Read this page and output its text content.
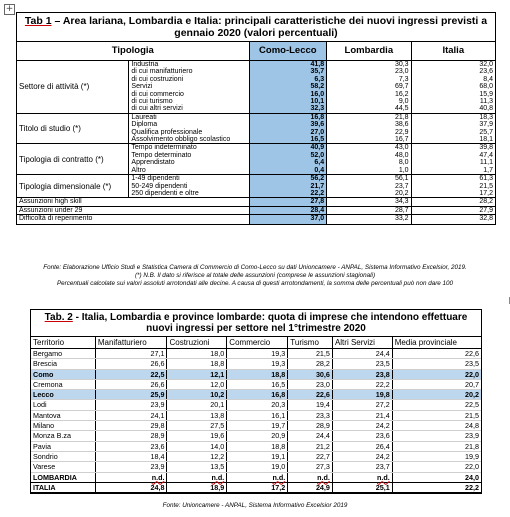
+
Tab 1 – Area lariana, Lombardia e Italia: principali caratteristiche dei nuovi ingressi previsti a gennaio 2020 (valori percentuali)
Tipologia		Como-Lecco	Lombardia	Italia
Settore di attività (*)	Industria	41,8	30,3	32,0
	di cui manifatturiero	35,7	23,0	23,6
	di cui costruzioni	6,3	7,3	8,4
	Servizi	58,2	69,7	68,0
	di cui commercio	16,0	16,2	15,9
	di cui turismo	10,1	9,0	11,3
	di cui altri servizi	32,3	44,5	40,8
Titolo di studio (*)	Laureati	16,8	21,8	18,3
	Diploma	39,6	38,6	37,9
	Qualifica professionale	27,0	22,9	25,7
	Assolvimento obbligo scolastico	16,5	16,7	18,1
Tipologia di contratto (*)	Tempo indeterminato	40,9	43,0	39,8
	Tempo determinato	52,0	48,0	47,4
	Apprendistato	6,4	8,0	11,1
	Altro	0,4	1,0	1,7
Tipologia dimensionale (*)	1-49 dipendenti	56,2	56,1	61,3
	50-249 dipendenti	21,7	23,7	21,5
	250 dipendenti e oltre	22,2	20,2	17,2
Assunzioni high skill		27,8	34,3	28,2
Assunzioni under 29		28,4	28,7	27,9
Difficoltà di reperimento		37,0	33,2	32,8
Fonte: Elaborazione Ufficio Studi e Statistica Camera di Commercio di Como-Lecco su dati Unioncamere - ANPAL, Sistema Informativo Excelsior, 2019.
(*) N.B. Il dato si riferisce al totale delle assunzioni (comprese le assunzioni stagionali)
Percentuali calcolate sui valori assoluti arrotondati alle decine. A causa di questi arrotondamenti, la somma delle percentuali può non dare 100
Tab. 2 - Italia, Lombardia e province lombarde: quota di imprese che intendono effettuare nuovi ingressi per settore nel 1°trimestre 2020
Territorio	Manifatturiero	Costruzioni	Commercio	Turismo	Altri Servizi	Media provinciale
Bergamo	27,1	18,0	19,3	21,5	24,4	22,6
Brescia	26,6	18,8	19,3	28,2	23,5	23,5
Como	22,5	12,1	18,8	30,6	23,8	22,0
Cremona	26,6	12,0	16,5	23,0	22,2	20,7
Lecco	25,9	10,2	16,8	22,6	19,8	20,2
Lodi	23,9	20,1	20,3	19,4	27,2	22,5
Mantova	24,1	13,8	16,1	23,3	21,4	21,5
Milano	29,8	27,5	19,7	28,9	24,2	24,8
Monza B.za	28,9	19,6	20,9	24,4	23,6	23,9
Pavia	23,6	14,0	18,8	21,2	26,4	21,8
Sondrio	18,4	12,2	19,1	22,7	24,2	19,9
Varese	23,9	13,5	19,0	27,3	23,7	22,0
LOMBARDIA	n.d.	n.d.	n.d.	n.d.	n.d.	24,0
ITALIA	24,8	18,9	17,2	24,9	25,1	22,2
Fonte: Unioncamere - ANPAL, Sistema Informativo Excelsior 2019
